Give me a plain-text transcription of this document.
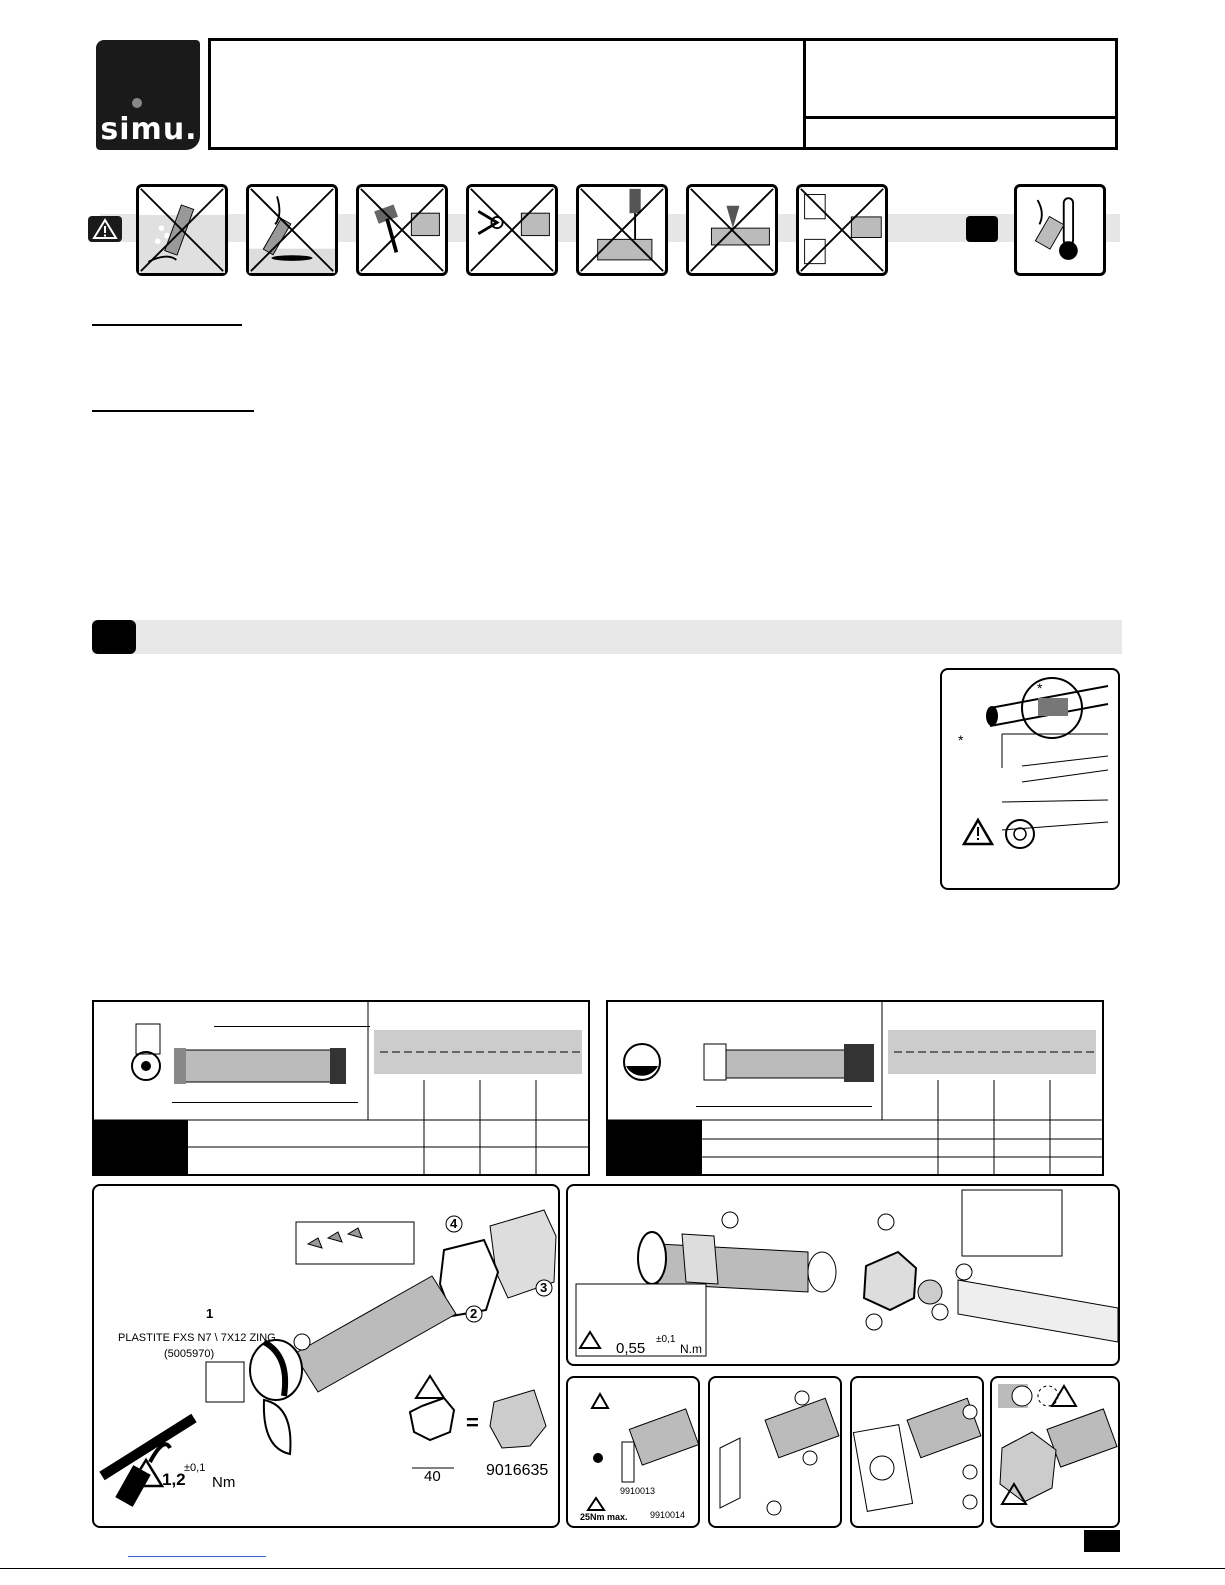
simu.
*
*
PLASTITE FXS N7 \ 7X12 ZING
(5005970)
1	2
3
4
1,2
±0,1
Nm	40
=
9016635
0,55
±0,1
N.m
9910013
9910014
25Nm max.
